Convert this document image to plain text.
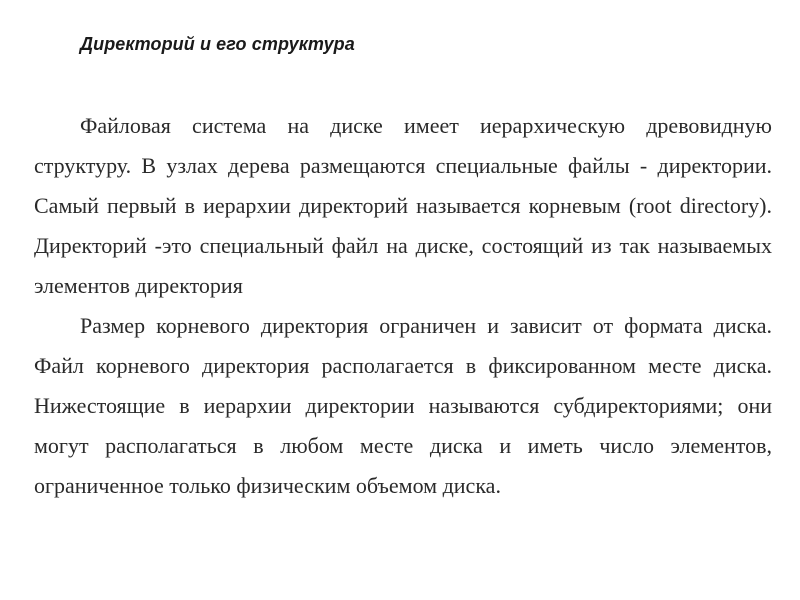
Директорий и его структура

Файловая система на диске имеет иерархическую древовидную структуру. В узлах дерева размещаются специальные файлы - директории. Самый первый в иерархии директорий называется корневым (root directory). Директорий -это специальный файл на диске, состоящий из так называемых элементов директория

Размер корневого директория ограничен и зависит от формата диска. Файл корневого директория располагается в фиксированном месте диска. Нижестоящие в иерархии директории называются субдиректориями; они могут располагаться в любом месте диска и иметь число элементов, ограниченное только физическим объемом диска.
